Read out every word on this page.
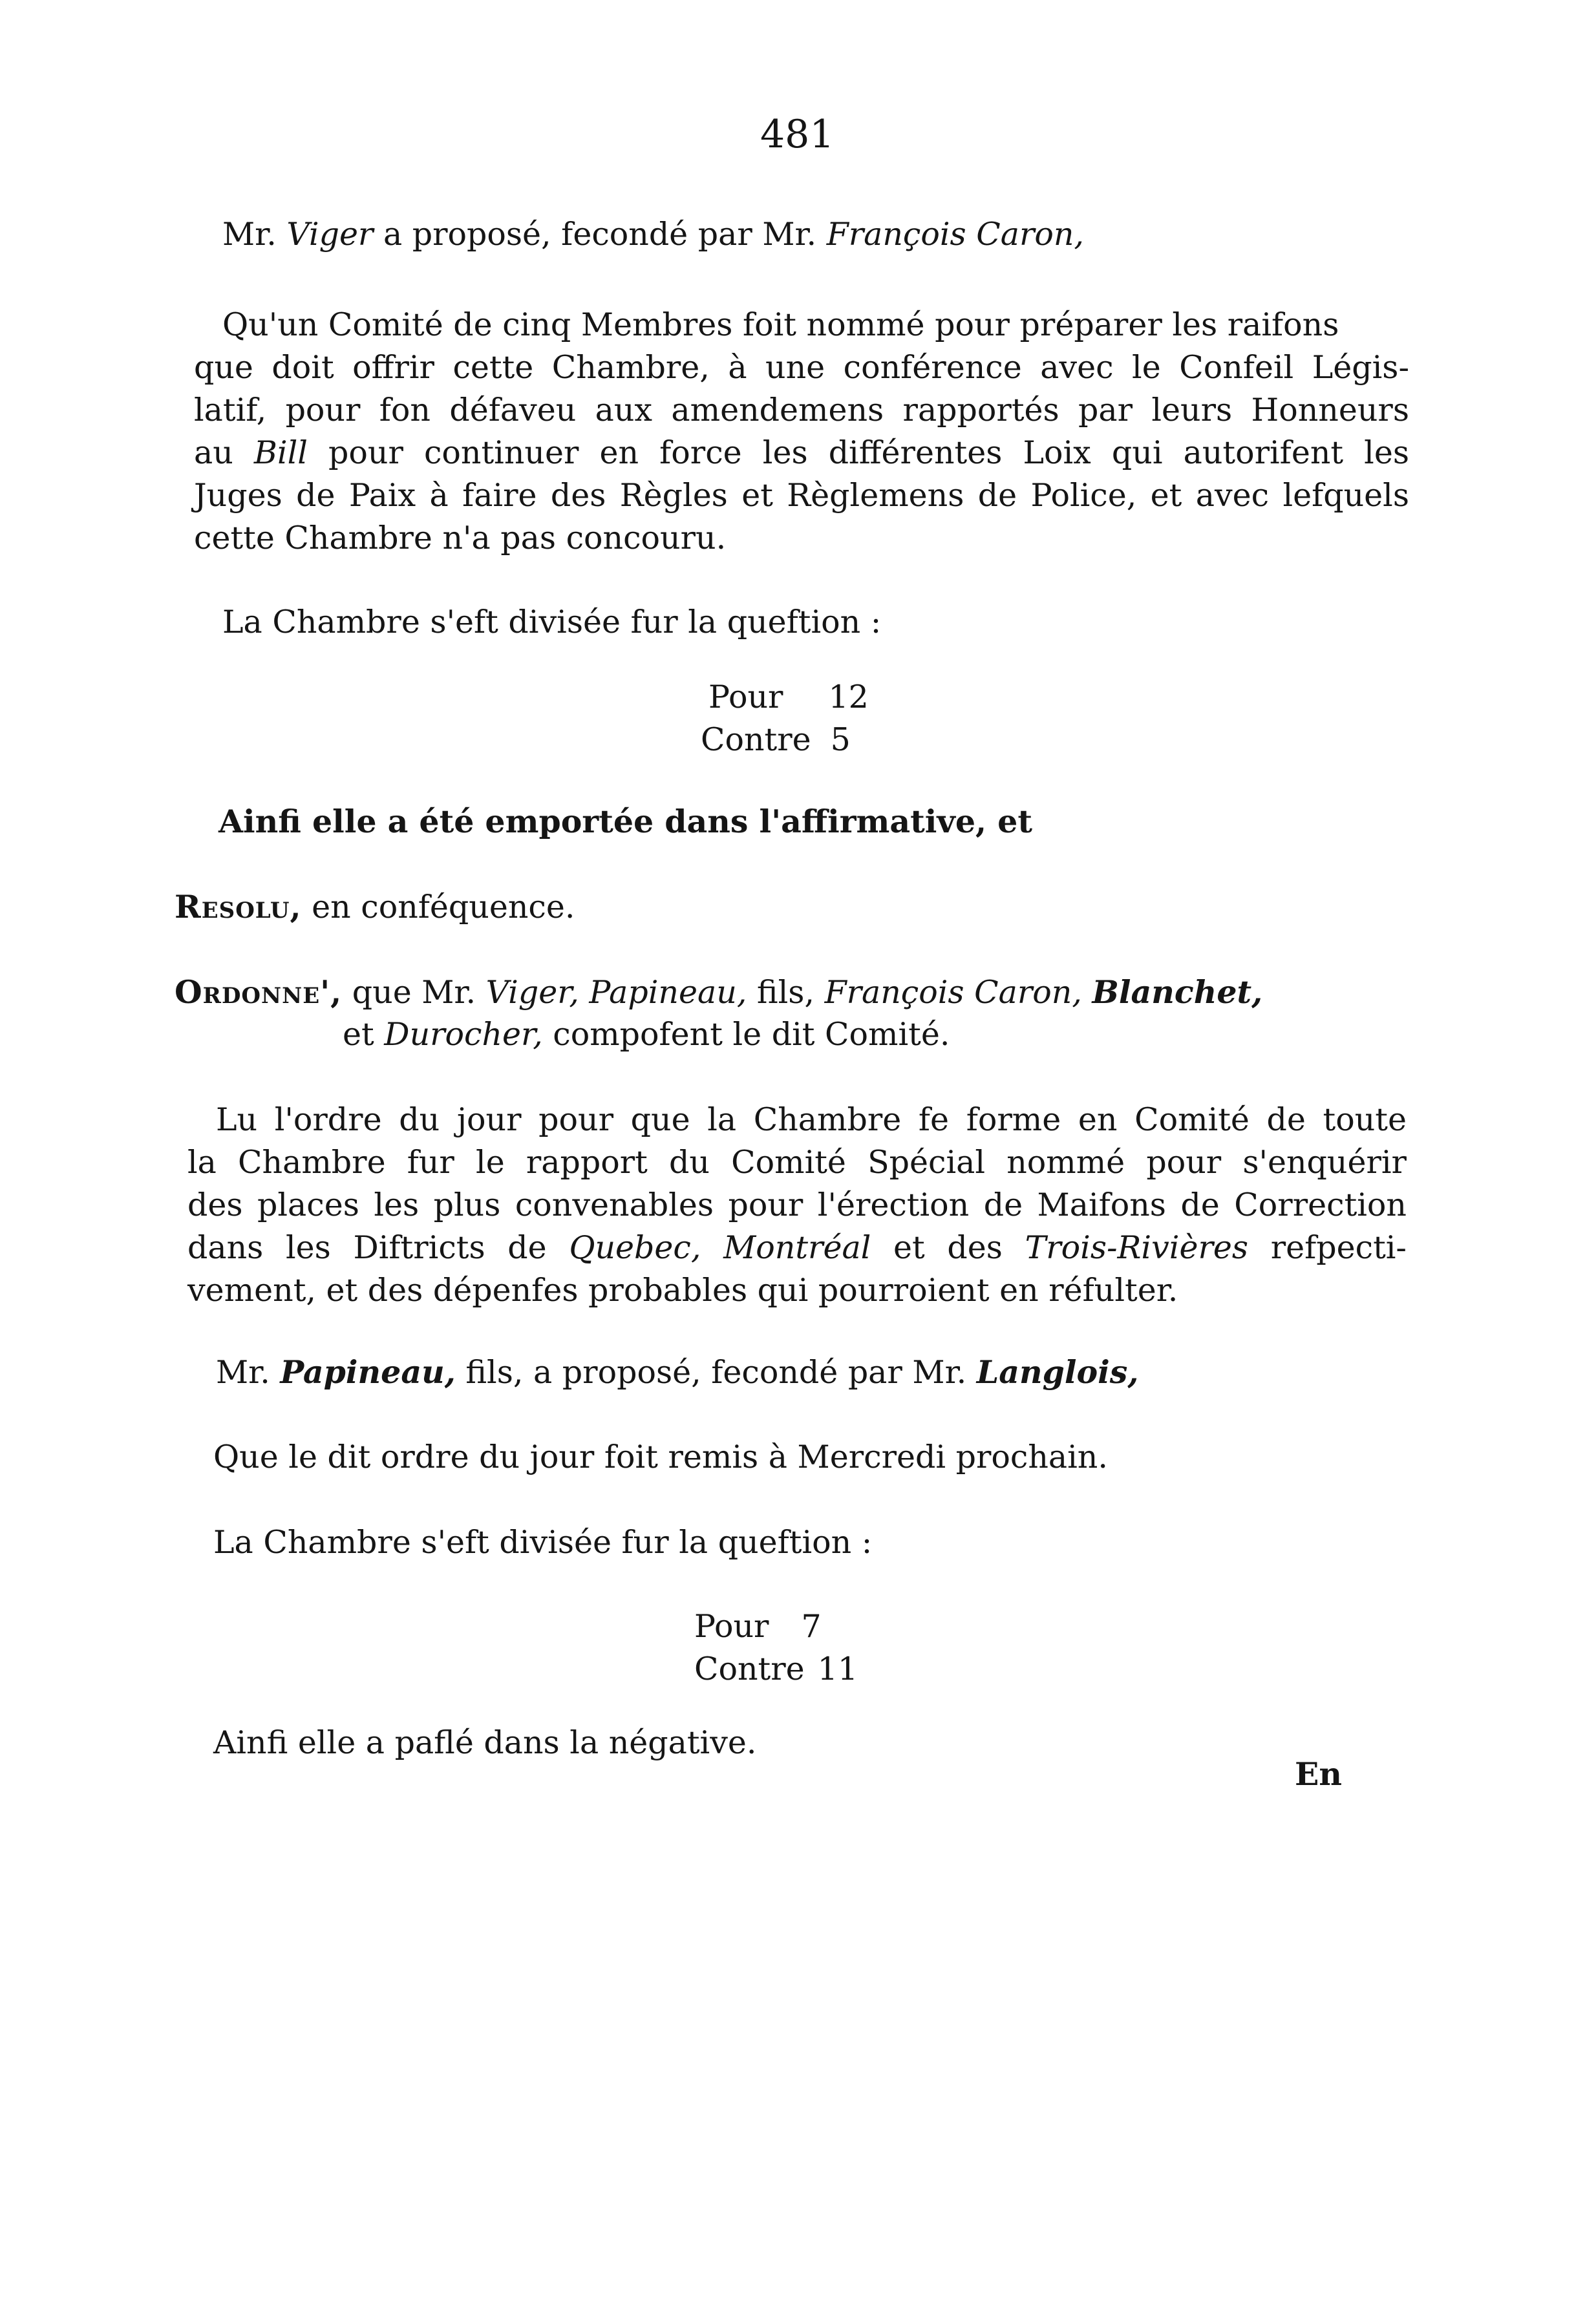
481
Mr. Viger a proposé, fecondé par Mr. François Caron,
Qu'un Comité de cinq Membres foit nommé pour préparer les raifons
que doit offrir cette Chambre, à une conférence avec le Confeil Légis-
latif, pour fon défaveu aux amendemens rapportés par leurs Honneurs
au Bill pour continuer en force les différentes Loix qui autorifent les
Juges de Paix à faire des Règles et Règlemens de Police, et avec lefquels
cette Chambre n'a pas concouru.
La Chambre s'eft divisée fur la queftion :
Pour 12
Contre 5
Ainfi elle a été emportée dans l'affirmative, et
Resolu, en conféquence.
Ordonne', que Mr. Viger, Papineau, fils, François Caron, Blanchet,
et Durocher, compofent le dit Comité.
Lu l'ordre du jour pour que la Chambre fe forme en Comité de toute
la Chambre fur le rapport du Comité Spécial nommé pour s'enquérir
des places les plus convenables pour l'érection de Maifons de Correction
dans les Diftricts de Quebec, Montréal et des Trois-Rivières refpecti-
vement, et des dépenfes probables qui pourroient en réfulter.
Mr. Papineau, fils, a proposé, fecondé par Mr. Langlois,
Que le dit ordre du jour foit remis à Mercredi prochain.
La Chambre s'eft divisée fur la queftion :
Pour 7
Contre 11
Ainfi elle a paflé dans la négative.
En
